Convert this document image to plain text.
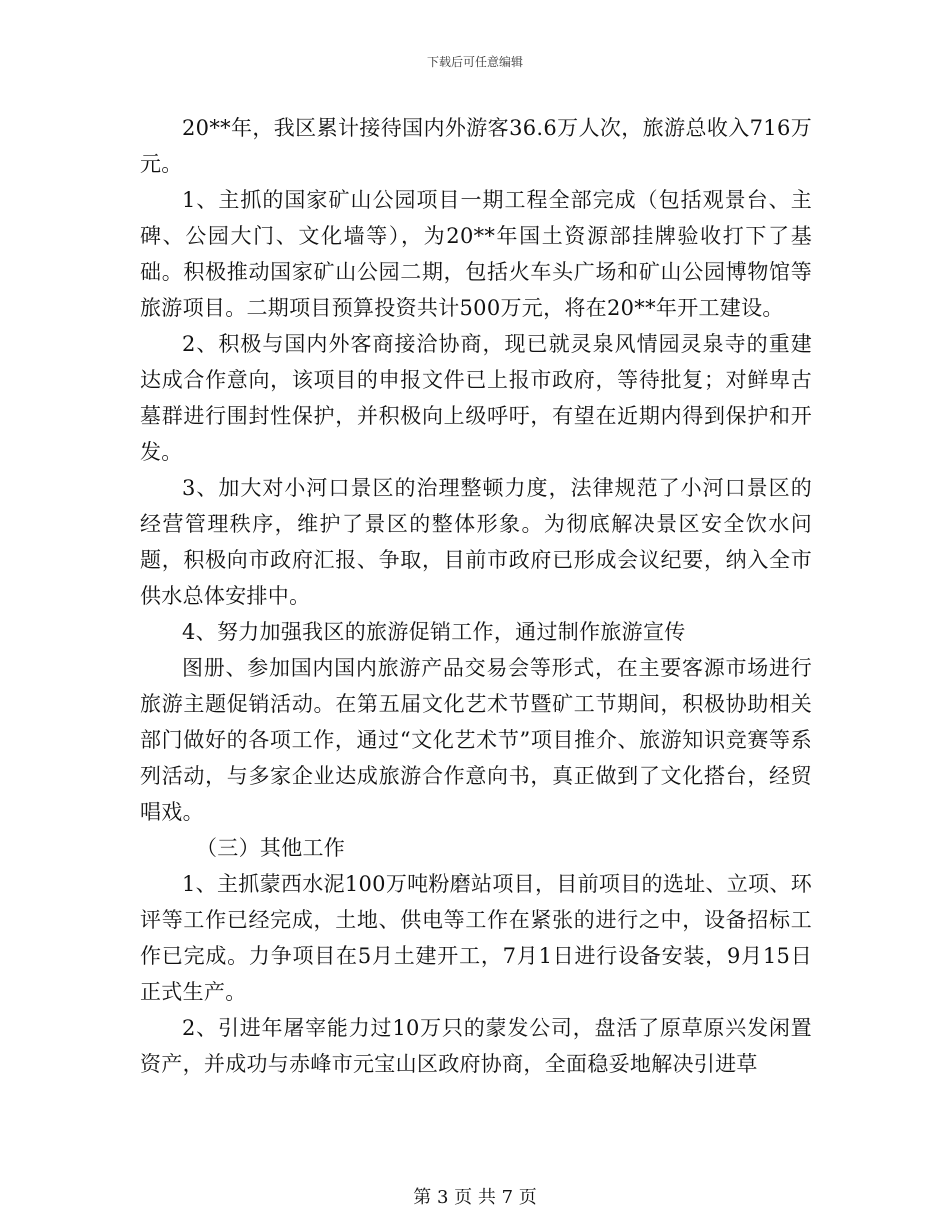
下载后可任意编辑

20**年，我区累计接待国内外游客36.6万人次，旅游总收入716万元。

1、主抓的国家矿山公园项目一期工程全部完成（包括观景台、主碑、公园大门、文化墙等），为20**年国土资源部挂牌验收打下了基础。积极推动国家矿山公园二期，包括火车头广场和矿山公园博物馆等旅游项目。二期项目预算投资共计500万元，将在20**年开工建设。

2、积极与国内外客商接洽协商，现已就灵泉风情园灵泉寺的重建达成合作意向，该项目的申报文件已上报市政府，等待批复；对鲜卑古墓群进行围封性保护，并积极向上级呼吁，有望在近期内得到保护和开发。

3、加大对小河口景区的治理整顿力度，法律规范了小河口景区的经营管理秩序，维护了景区的整体形象。为彻底解决景区安全饮水问题，积极向市政府汇报、争取，目前市政府已形成会议纪要，纳入全市供水总体安排中。

4、努力加强我区的旅游促销工作，通过制作旅游宣传

图册、参加国内国内旅游产品交易会等形式，在主要客源市场进行旅游主题促销活动。在第五届文化艺术节暨矿工节期间，积极协助相关部门做好的各项工作，通过“文化艺术节”项目推介、旅游知识竞赛等系列活动，与多家企业达成旅游合作意向书，真正做到了文化搭台，经贸唱戏。

（三）其他工作

1、主抓蒙西水泥100万吨粉磨站项目，目前项目的选址、立项、环评等工作已经完成，土地、供电等工作在紧张的进行之中，设备招标工作已完成。力争项目在5月土建开工，7月1日进行设备安装，9月15日正式生产。

2、引进年屠宰能力过10万只的蒙发公司，盘活了原草原兴发闲置资产，并成功与赤峰市元宝山区政府协商，全面稳妥地解决引进草

第 3 页 共 7 页
